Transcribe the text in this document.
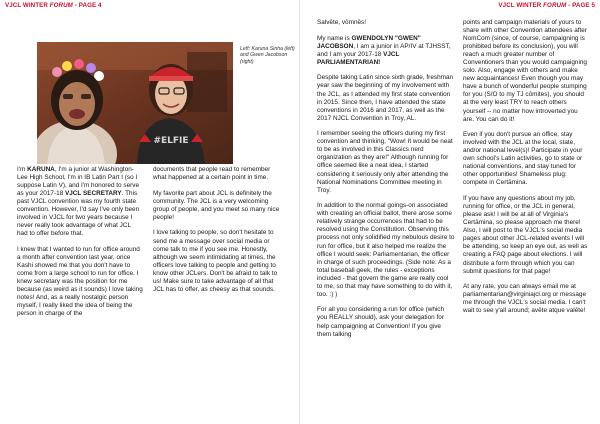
VJCL WINTER FORUM - PAGE 4
#ELFIE
Left: Karuna Sinha (left) and Gwen Jacobson (right)

I'm KARUNA, I'm a junior at Washington-Lee High School, I'm in IB Latin Part I (so I suppose Latin V), and I'm honored to serve as your 2017-18 VJCL SECRETARY. This past VJCL convention was my fourth state convention. However, I'd say I've only been involved in VJCL for two years because I never really took advantage of what JCL had to offer before that.

I knew that I wanted to run for office around a month after convention last year, once Kashi showed me that you don't have to come from a large school to run for office. I knew secretary was the position for me because (as weird as it sounds) I love taking notes! And, as a really nostalgic person myself, I really liked the idea of being the person in charge of the

documents that people read to remember what happened at a certain point in time.

My favorite part about JCL is definitely the community. The JCL is a very welcoming group of people, and you meet so many nice people!

I love talking to people, so don't hesitate to send me a message over social media or come talk to me if you see me. Honestly, although we seem intimidating at times, the officers love talking to people and getting to know other JCLers. Don't be afraid to talk to us! Make sure to take advantage of all that JCL has to offer, as cheesy as that sounds.

VJCL WINTER FORUM - PAGE 5

Salvēte, vōmnēs!

My name is GWENDOLYN "GWEN" JACOBSON, I am a junior in AP/IV at TJHSST, and I am your 2017-18 VJCL PARLIAMENTARIAN!

Despite taking Latin since sixth grade, freshman year saw the beginning of my involvement with the JCL, as I attended my first state convention in 2015. Since then, I have attended the state conventions in 2016 and 2017, as well as the 2017 NJCL Convention in Troy, AL.

I remember seeing the officers during my first convention and thinking, "Wow! It would be neat to be as involved in this Classics nerd organization as they are!" Although running for office seemed like a neat idea, I started considering it seriously only after attending the National Nominations Committee meeting in Troy.

In addition to the normal goings-on associated with creating an official ballot, there arose some relatively strange occurrences that had to be resolved using the Constitution. Observing this process not only solidified my nebulous desire to run for office, but it also helped me realize the office I would seek: Parliamentarian, the officer in charge of such proceedings. (Side note: As a total baseball geek, the rules - exceptions included - that govern the game are really cool to me, so that may have something to do with it, too. :) )

For all you considering a run for office (which you REALLY should), ask your delegation for help campaigning at Convention! If you give them talking

points and campaign materials of yours to share with other Convention attendees after NomCom (since, of course, campaigning is prohibited before its conclusion), you will reach a much greater number of Conventioners than you would campaigning solo. Also, engage with others and make new acquaintances! Even though you may have a bunch of wonderful people stumping for you (S/O to my TJ cōmites), you should at the very least TRY to reach others yourself -- no matter how introverted you are. You can do it!

Even if you don't pursue an office, stay involved with the JCL at the local, state, and/or national level(s)! Participate in your own school's Latin activities, go to state or national conventions, and stay tuned for other opportunities! Shameless plug: compete in Certāmina.

If you have any questions about my job, running for office, or the JCL in general, please ask! I will be at all of Virginia's Certāmina, so please approach me there! Also, I will post to the VJCL's social media pages about other JCL-related events I will be attending, so keep an eye out, as well as creating a FAQ page about elections. I will distribute a form through which you can submit questions for that page!

At any rate, you can always email me at parliamentarian@virginiajcl.org or message me through the VJCL's social media. I can't wait to see y'all around; avēte atque valēte!
